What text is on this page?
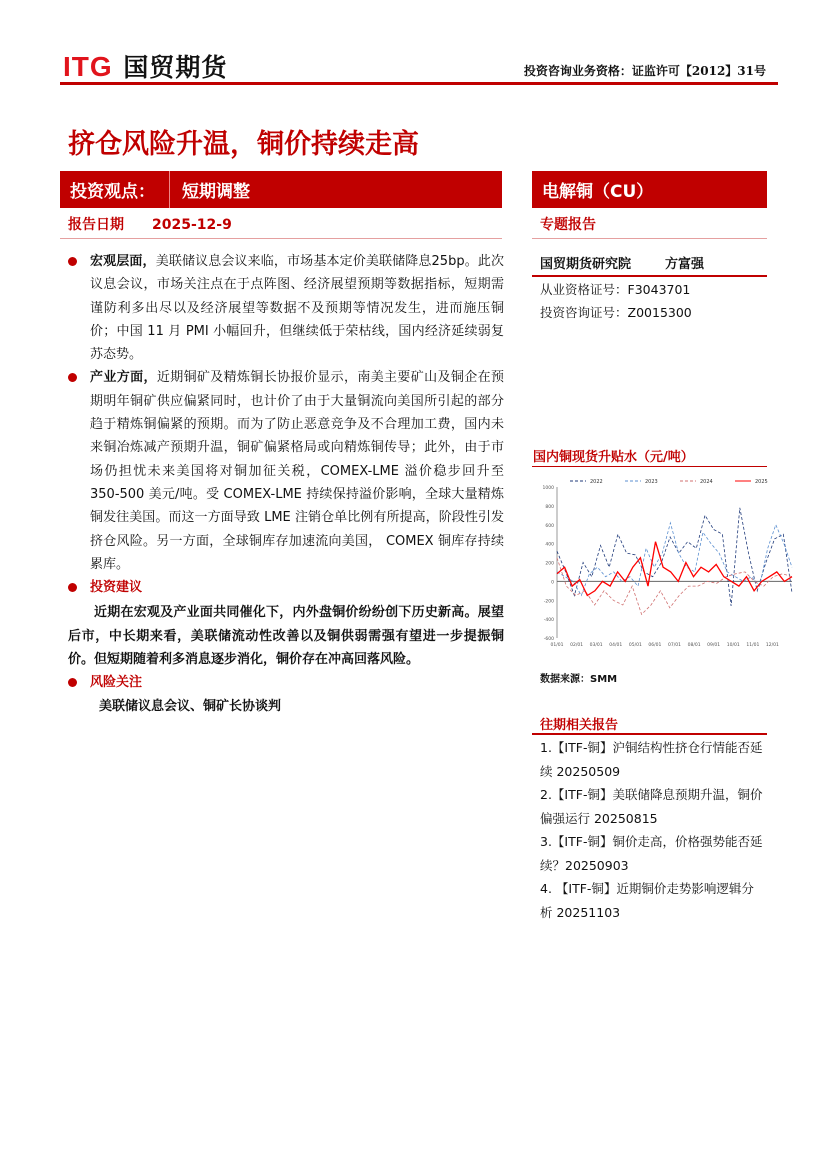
ITG 国贸期货	投资咨询业务资格：证监许可【2012】31号
挤仓风险升温，铜价持续走高
投资观点：	短期调整	电解铜（CU）
报告日期 2025-12-9	专题报告
国贸期货研究院	方富强
从业资格证号：F3043701
投资咨询证号：Z0015300
宏观层面，美联储议息会议来临，市场基本定价美联储降息25bp。此次议息会议，市场关注点在于点阵图、经济展望预期等数据指标，短期需谨防利多出尽以及经济展望等数据不及预期等情况发生，进而施压铜价；中国 11 月 PMI 小幅回升，但继续低于荣枯线，国内经济延续弱复苏态势。
产业方面，近期铜矿及精炼铜长协报价显示，南美主要矿山及铜企在预期明年铜矿供应偏紧同时，也计价了由于大量铜流向美国所引起的部分趋于精炼铜偏紧的预期。而为了防止恶意竞争及不合理加工费，国内未来铜冶炼减产预期升温，铜矿偏紧格局或向精炼铜传导；此外，由于市场仍担忧未来美国将对铜加征关税，COMEX-LME 溢价稳步回升至 350-500 美元/吨。受 COMEX-LME 持续保持溢价影响，全球大量精炼铜发往美国。而这一方面导致 LME 注销仓单比例有所提高，阶段性引发挤仓风险。另一方面，全球铜库存加速流向美国， COMEX 铜库存持续累库。
投资建议
近期在宏观及产业面共同催化下，内外盘铜价纷纷创下历史新高。展望后市，中长期来看，美联储流动性改善以及铜供弱需强有望进一步提振铜价。但短期随着利多消息逐步消化，铜价存在冲高回落风险。
风险关注
美联储议息会议、铜矿长协谈判
国内铜现货升贴水（元/吨）
1000
800
600
400
200
0
-200
-400
-600
01/01 02/01 03/01 04/01 05/01 06/01 07/01 08/01 09/01 10/01 11/01 12/01
2022	2023	2024	2025
数据来源：SMM
往期相关报告
1.【ITF-铜】沪铜结构性挤仓行情能否延续 20250509
2.【ITF-铜】美联储降息预期升温，铜价偏强运行 20250815
3.【ITF-铜】铜价走高，价格强势能否延续？20250903
4. 【ITF-铜】近期铜价走势影响逻辑分析 20251103
